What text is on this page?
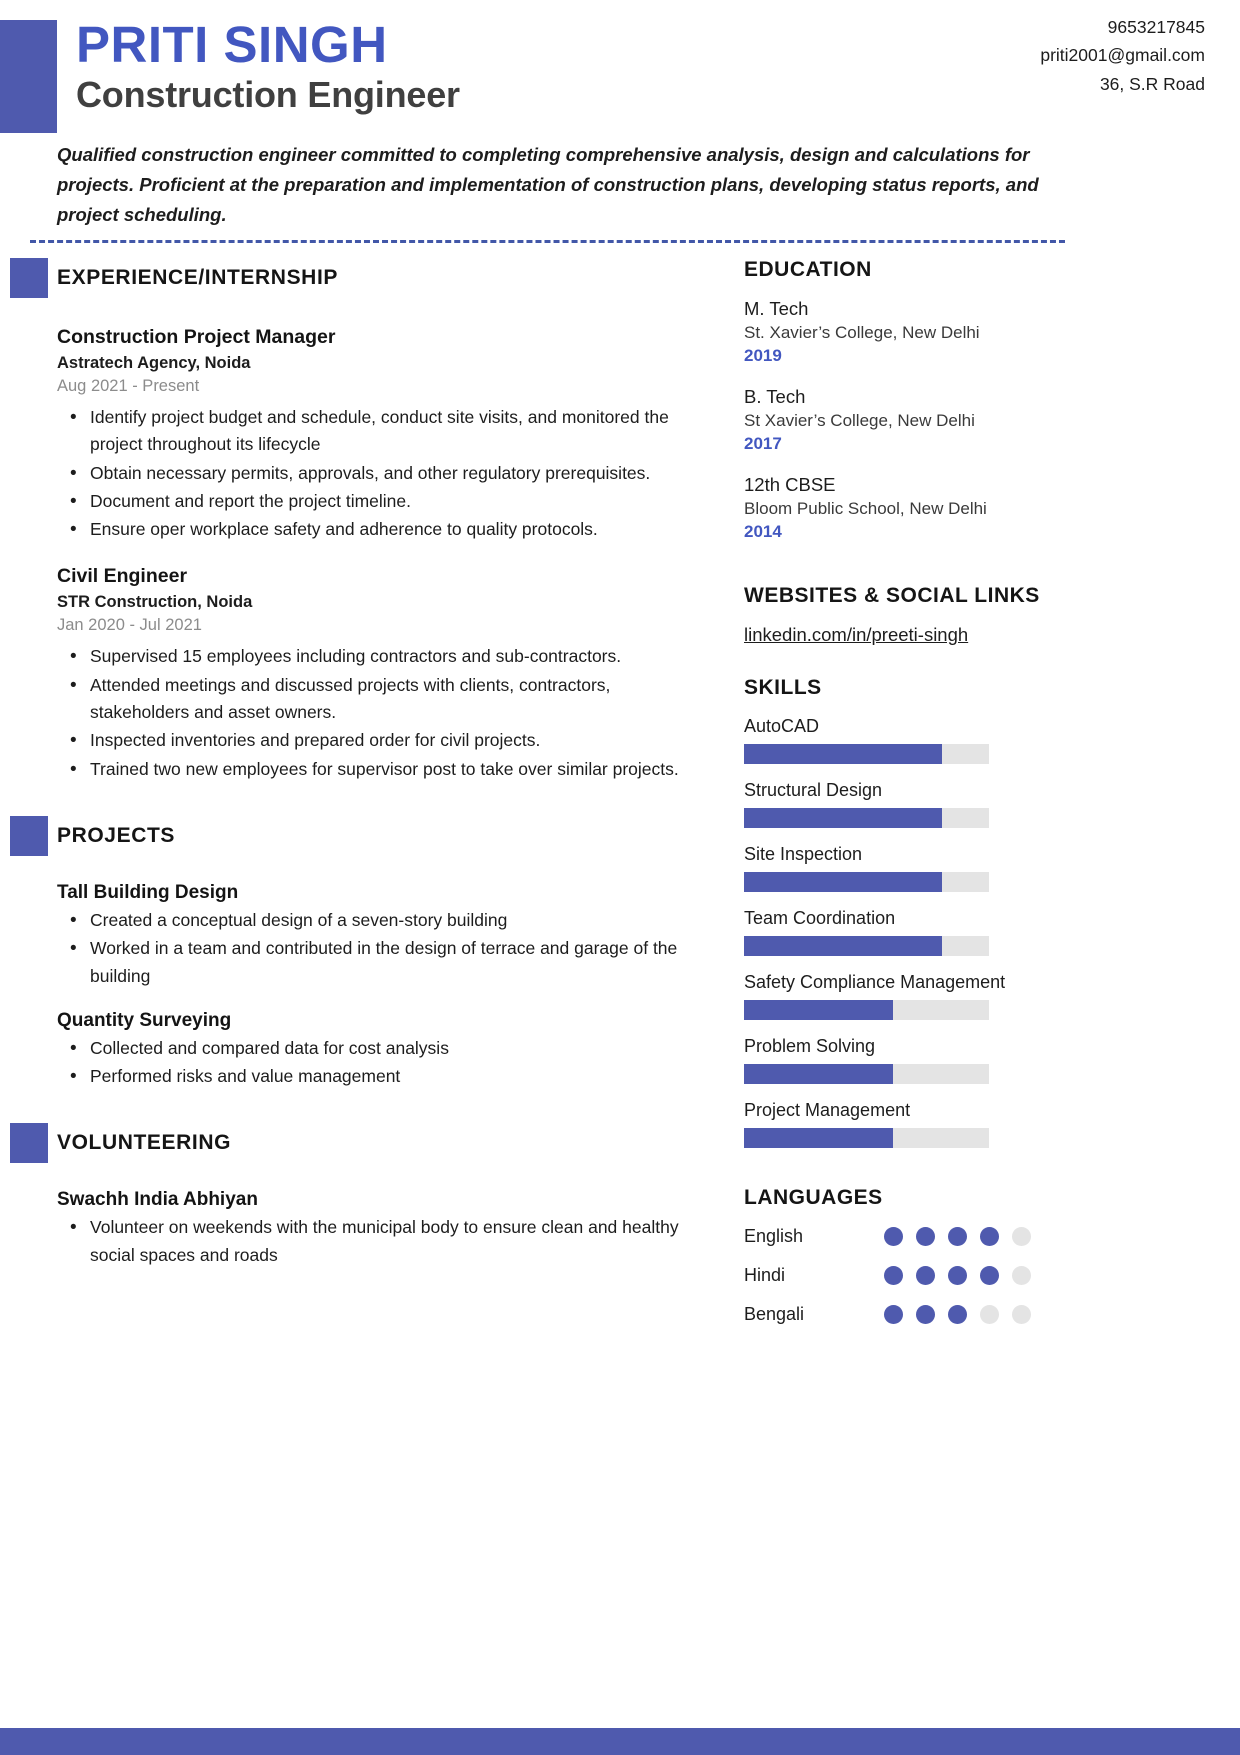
PRITI SINGH
Construction Engineer
9653217845
priti2001@gmail.com
36, S.R Road
Qualified construction engineer committed to completing comprehensive analysis, design and calculations for projects. Proficient at the preparation and implementation of construction plans, developing status reports, and project scheduling.
EXPERIENCE/INTERNSHIP
Construction Project Manager
Astratech Agency, Noida
Aug 2021 - Present
• Identify project budget and schedule, conduct site visits, and monitored the project throughout its lifecycle
• Obtain necessary permits, approvals, and other regulatory prerequisites.
• Document and report the project timeline.
• Ensure oper workplace safety and adherence to quality protocols.
Civil Engineer
STR Construction, Noida
Jan 2020 - Jul 2021
• Supervised 15 employees including contractors and sub-contractors.
• Attended meetings and discussed projects with clients, contractors, stakeholders and asset owners.
• Inspected inventories and prepared order for civil projects.
• Trained two new employees for supervisor post to take over similar projects.
PROJECTS
Tall Building Design
• Created a conceptual design of a seven-story building
• Worked in a team and contributed in the design of terrace and garage of the building
Quantity Surveying
• Collected and compared data for cost analysis
• Performed risks and value management
VOLUNTEERING
Swachh India Abhiyan
• Volunteer on weekends with the municipal body to ensure clean and healthy social spaces and roads
EDUCATION
M. Tech
St. Xavier’s College, New Delhi
2019
B. Tech
St Xavier’s College, New Delhi
2017
12th CBSE
Bloom Public School, New Delhi
2014
WEBSITES & SOCIAL LINKS
linkedin.com/in/preeti-singh
SKILLS
AutoCAD
Structural Design
Site Inspection
Team Coordination
Safety Compliance Management
Problem Solving
Project Management
LANGUAGES
English
Hindi
Bengali
